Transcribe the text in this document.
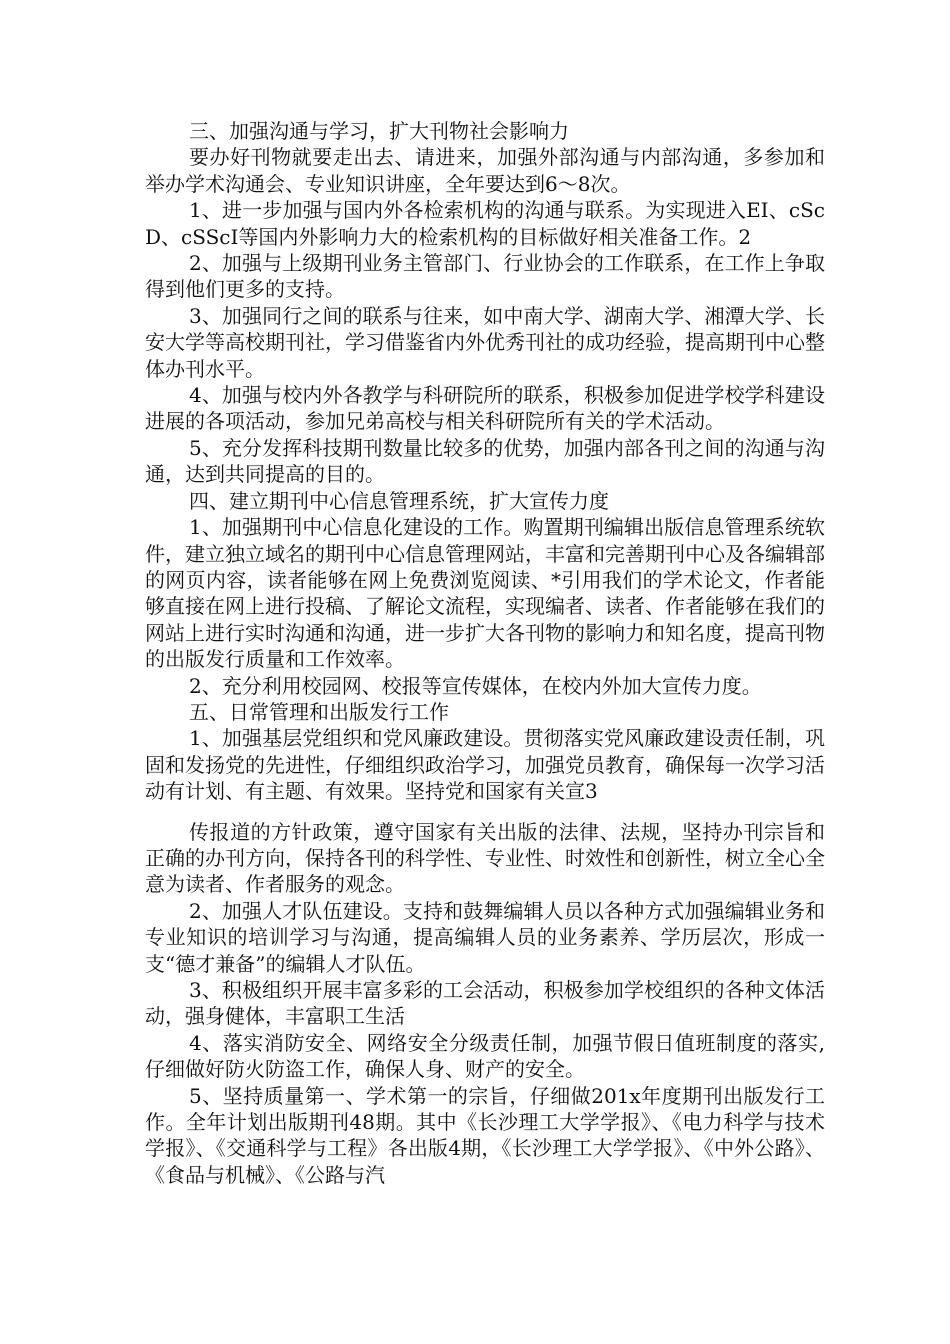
三、加强沟通与学习，扩大刊物社会影响力

要办好刊物就要走出去、请进来，加强外部沟通与内部沟通，多参加和举办学术沟通会、专业知识讲座，全年要达到6～8次。

1、进一步加强与国内外各检索机构的沟通与联系。为实现进入EI、cScD、cSScI等国内外影响力大的检索机构的目标做好相关准备工作。2

2、加强与上级期刊业务主管部门、行业协会的工作联系，在工作上争取得到他们更多的支持。

3、加强同行之间的联系与往来，如中南大学、湖南大学、湘潭大学、长安大学等高校期刊社，学习借鉴省内外优秀刊社的成功经验，提高期刊中心整体办刊水平。

4、加强与校内外各教学与科研院所的联系，积极参加促进学校学科建设进展的各项活动，参加兄弟高校与相关科研院所有关的学术活动。

5、充分发挥科技期刊数量比较多的优势，加强内部各刊之间的沟通与沟通，达到共同提高的目的。

四、建立期刊中心信息管理系统，扩大宣传力度

1、加强期刊中心信息化建设的工作。购置期刊编辑出版信息管理系统软件，建立独立域名的期刊中心信息管理网站，丰富和完善期刊中心及各编辑部的网页内容，读者能够在网上免费浏览阅读、*引用我们的学术论文，作者能够直接在网上进行投稿、了解论文流程，实现编者、读者、作者能够在我们的网站上进行实时沟通和沟通，进一步扩大各刊物的影响力和知名度，提高刊物的出版发行质量和工作效率。

2、充分利用校园网、校报等宣传媒体，在校内外加大宣传力度。

五、日常管理和出版发行工作

1、加强基层党组织和党风廉政建设。贯彻落实党风廉政建设责任制，巩固和发扬党的先进性，仔细组织政治学习，加强党员教育，确保每一次学习活动有计划、有主题、有效果。坚持党和国家有关宣3

传报道的方针政策，遵守国家有关出版的法律、法规，坚持办刊宗旨和正确的办刊方向，保持各刊的科学性、专业性、时效性和创新性，树立全心全意为读者、作者服务的观念。

2、加强人才队伍建设。支持和鼓舞编辑人员以各种方式加强编辑业务和专业知识的培训学习与沟通，提高编辑人员的业务素养、学历层次，形成一支“德才兼备”的编辑人才队伍。

3、积极组织开展丰富多彩的工会活动，积极参加学校组织的各种文体活动，强身健体，丰富职工生活

4、落实消防安全、网络安全分级责任制，加强节假日值班制度的落实,仔细做好防火防盗工作，确保人身、财产的安全。

5、坚持质量第一、学术第一的宗旨，仔细做201x年度期刊出版发行工作。全年计划出版期刊48期。其中《长沙理工大学学报》、《电力科学与技术学报》、《交通科学与工程》各出版4期，《长沙理工大学学报》、《中外公路》、《食品与机械》、《公路与汽
